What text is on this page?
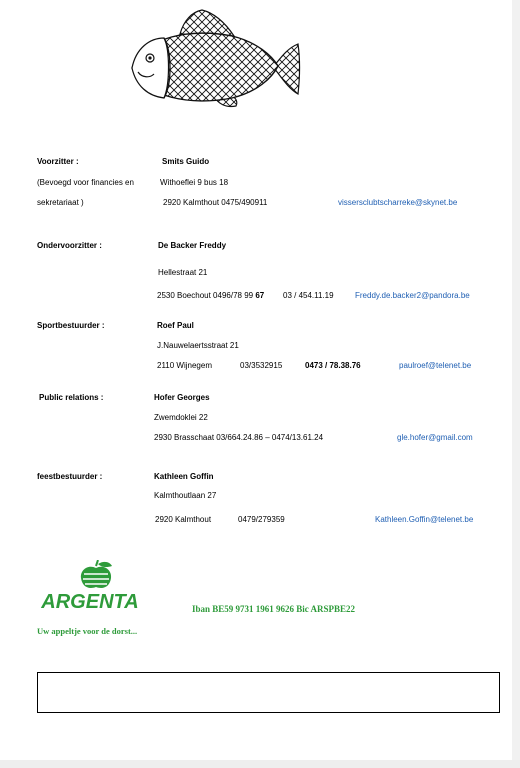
Voorzitter :	Smits Guido
(Bevoegd voor financies en	Withoeflei 9 bus 18
sekretariaat )	2920 Kalmthout 0475/490911	vissersclubtscharreke@skynet.be
Ondervoorzitter :	De Backer Freddy
Hellestraat 21
2530 Boechout 0496/78 99 67 03 / 454.11.19	Freddy.de.backer2@pandora.be
Sportbestuurder :	Roef Paul
J.Nauwelaertsstraat 21
2110 Wijnegem	03/3532915	0473 / 78.38.76	paulroef@telenet.be
Public relations :	Hofer Georges
Zwemdoklei 22
2930 Brasschaat 03/664.24.86 – 0474/13.61.24	gle.hofer@gmail.com
feestbestuurder :	Kathleen Goffin
Kalmthoutlaan 27
2920 Kalmthout	0479/279359	Kathleen.Goffin@telenet.be
ARGENTA	Iban BE59 9731 1961 9626 Bic ARSPBE22
Uw appeltje voor de dorst...
